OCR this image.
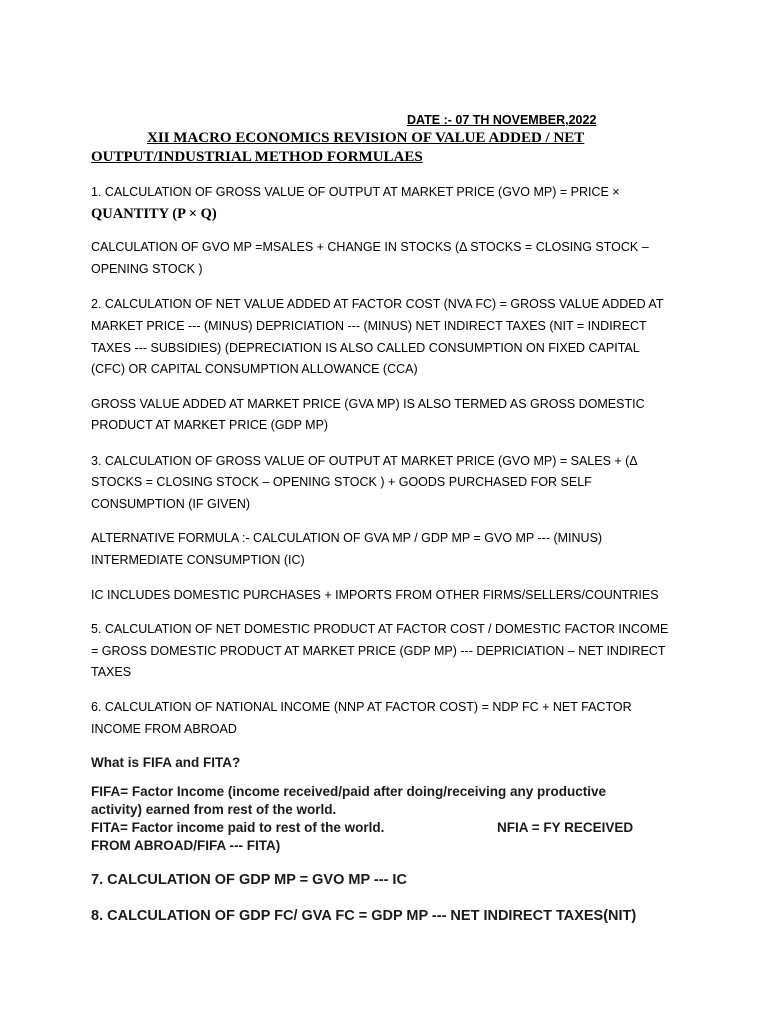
DATE :- 07 TH NOVEMBER,2022
XII MACRO ECONOMICS REVISION OF VALUE ADDED / NET
OUTPUT/INDUSTRIAL METHOD FORMULAES
1. CALCULATION OF GROSS VALUE OF OUTPUT AT MARKET PRICE (GVO MP) = PRICE ×
QUANTITY (P × Q)
CALCULATION OF GVO MP =MSALES + CHANGE IN STOCKS (Δ STOCKS = CLOSING STOCK –
OPENING STOCK )
2. CALCULATION OF NET VALUE ADDED AT FACTOR COST (NVA FC) = GROSS VALUE ADDED AT
MARKET PRICE --- (MINUS) DEPRICIATION --- (MINUS) NET INDIRECT TAXES (NIT = INDIRECT
TAXES --- SUBSIDIES) (DEPRECIATION IS ALSO CALLED CONSUMPTION ON FIXED CAPITAL
(CFC) OR CAPITAL CONSUMPTION ALLOWANCE (CCA)
GROSS VALUE ADDED AT MARKET PRICE (GVA MP) IS ALSO TERMED AS GROSS DOMESTIC
PRODUCT AT MARKET PRICE (GDP MP)
3. CALCULATION OF GROSS VALUE OF OUTPUT AT MARKET PRICE (GVO MP) = SALES + (Δ
STOCKS = CLOSING STOCK – OPENING STOCK ) + GOODS PURCHASED FOR SELF
CONSUMPTION (IF GIVEN)
ALTERNATIVE FORMULA :- CALCULATION OF GVA MP / GDP MP = GVO MP --- (MINUS)
INTERMEDIATE CONSUMPTION (IC)
IC INCLUDES DOMESTIC PURCHASES + IMPORTS FROM OTHER FIRMS/SELLERS/COUNTRIES
5. CALCULATION OF NET DOMESTIC PRODUCT AT FACTOR COST / DOMESTIC FACTOR INCOME
= GROSS DOMESTIC PRODUCT AT MARKET PRICE (GDP MP) --- DEPRICIATION – NET INDIRECT
TAXES
6. CALCULATION OF NATIONAL INCOME (NNP AT FACTOR COST) = NDP FC + NET FACTOR
INCOME FROM ABROAD
What is FIFA and FITA?
FIFA= Factor Income (income received/paid after doing/receiving any productive
activity) earned from rest of the world.
FITA= Factor income paid to rest of the world.	NFIA = FY RECEIVED
FROM ABROAD/FIFA --- FITA)
7. CALCULATION OF GDP MP = GVO MP --- IC
8. CALCULATION OF GDP FC/ GVA FC = GDP MP --- NET INDIRECT TAXES(NIT)
